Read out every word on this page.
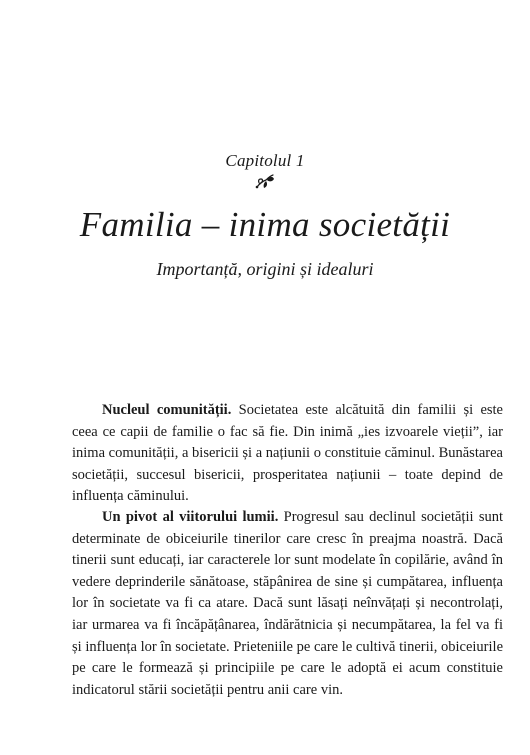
Capitolul 1
Familia – inima societății
Importanță, origini și idealuri

Nucleul comunității. Societatea este alcătuită din familii și este ceea ce capii de familie o fac să fie. Din inimă „ies izvoarele vieții”, iar inima comunității, a bisericii și a națiunii o constituie căminul. Bunăstarea societății, succesul bisericii, prosperitatea națiunii – toate depind de influența căminului.

Un pivot al viitorului lumii. Progresul sau declinul societății sunt determinate de obiceiurile tinerilor care cresc în preajma noastră. Dacă tinerii sunt educați, iar caracterele lor sunt modelate în copilărie, având în vedere deprinderile sănătoase, stăpânirea de sine și cumpătarea, influența lor în societate va fi ca atare. Dacă sunt lăsați neînvățați și necontrolați, iar urmarea va fi încăpățânarea, îndărătnicia și necumpătarea, la fel va fi și influența lor în societate. Prieteniile pe care le cultivă tinerii, obiceiurile pe care le formează și principiile pe care le adoptă ei acum constituie indicatorul stării societății pentru anii care vin.
